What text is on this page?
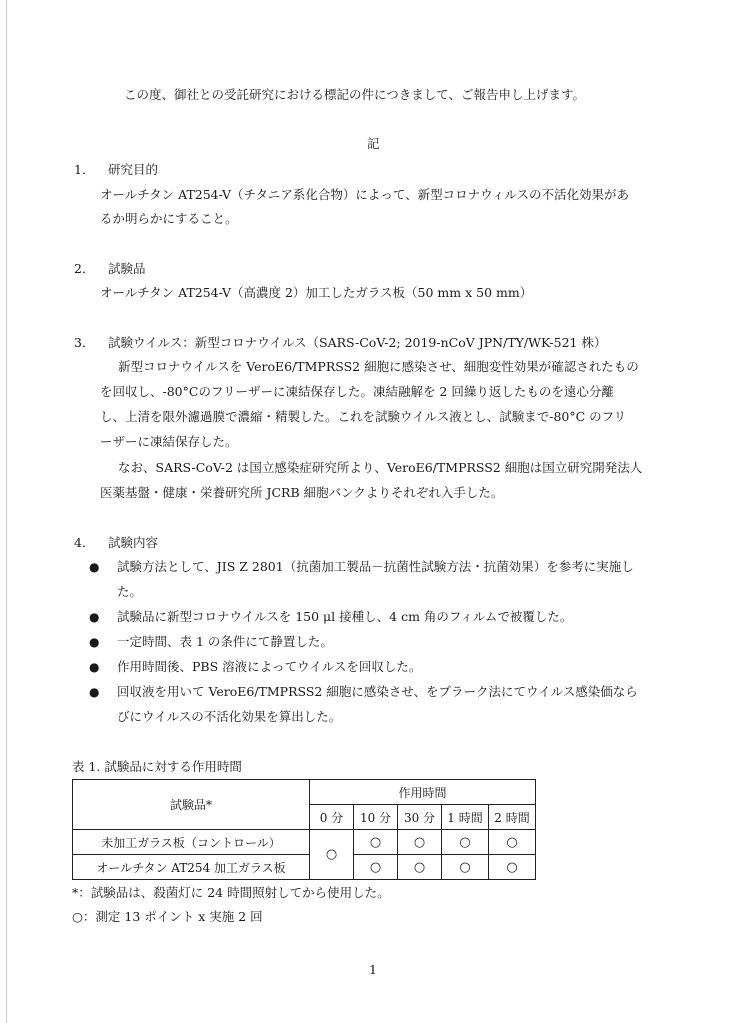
この度、御社との受託研究における標記の件につきまして、ご報告申し上げます。
記
1． 研究目的
オールチタン AT254-V（チタニア系化合物）によって、新型コロナウィルスの不活化効果があ
るか明らかにすること。
2． 試験品
オールチタン AT254-V（高濃度 2）加工したガラス板（50 mm x 50 mm）
3． 試験ウイルス：新型コロナウイルス（SARS-CoV-2; 2019-nCoV JPN/TY/WK-521 株）
新型コロナウイルスを VeroE6/TMPRSS2 細胞に感染させ、細胞変性効果が確認されたもの
を回収し、-80°Cのフリーザーに凍結保存した。凍結融解を 2 回繰り返したものを遠心分離
し、上清を限外濾過膜で濃縮・精製した。これを試験ウイルス液とし、試験まで-80°C のフリ
ーザーに凍結保存した。
なお、SARS-CoV-2 は国立感染症研究所より、VeroE6/TMPRSS2 細胞は国立研究開発法人
医薬基盤・健康・栄養研究所 JCRB 細胞バンクよりそれぞれ入手した。
4． 試験内容
● 試験方法として、JIS Z 2801（抗菌加工製品－抗菌性試験方法・抗菌効果）を参考に実施し
た。
● 試験品に新型コロナウイルスを 150 μl 接種し、4 cm 角のフィルムで被覆した。
● 一定時間、表 1 の条件にて静置した。
● 作用時間後、PBS 溶液によってウイルスを回収した。
● 回収液を用いて VeroE6/TMPRSS2 細胞に感染させ、をプラーク法にてウイルス感染価なら
びにウイルスの不活化効果を算出した。
表 1. 試験品に対する作用時間
試験品*	作用時間				
	0 分	10 分	30 分	1 時間	2 時間
未加工ガラス板（コントロール）	○	○	○	○	○
オールチタン AT254 加工ガラス板		○	○	○	○
*：試験品は、殺菌灯に 24 時間照射してから使用した。
○：測定 13 ポイント x 実施 2 回
1
